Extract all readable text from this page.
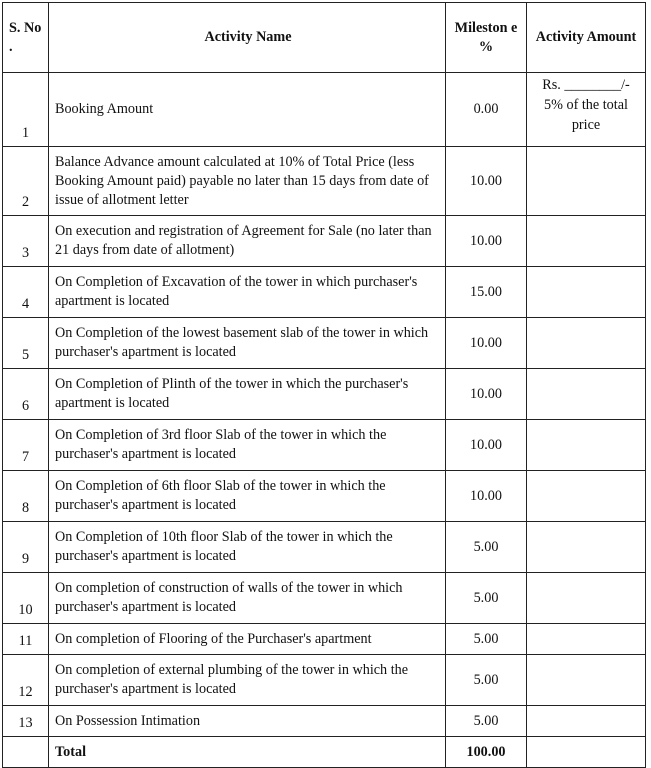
S. No .	Activity Name	Mileston e %	Activity Amount
1	Booking Amount	0.00	Rs. ________/-
5% of the total price

2	Balance Advance amount calculated at 10% of Total Price (less Booking Amount paid) payable no later than 15 days from date of issue of allotment letter	10.00	
3	On execution and registration of Agreement for Sale (no later than 21 days from date of allotment)	10.00	
4	On Completion of Excavation of the tower in which purchaser's apartment is located	15.00	
5	On Completion of the lowest basement slab of the tower in which purchaser's apartment is located	10.00	
6	On Completion of Plinth of the tower in which the purchaser's apartment is located	10.00	
7	On Completion of 3rd floor Slab of the tower in which the purchaser's apartment is located	10.00	
8	On Completion of 6th floor Slab of the tower in which the purchaser's apartment is located	10.00	
9	On Completion of 10th floor Slab of the tower in which the purchaser's apartment is located	5.00	
10	On completion of construction of walls of the tower in which purchaser's apartment is located	5.00	
11	On completion of Flooring of the Purchaser's apartment	5.00	
12	On completion of external plumbing of the tower in which the purchaser's apartment is located	5.00	
13	On Possession Intimation	5.00	
	Total	100.00	
